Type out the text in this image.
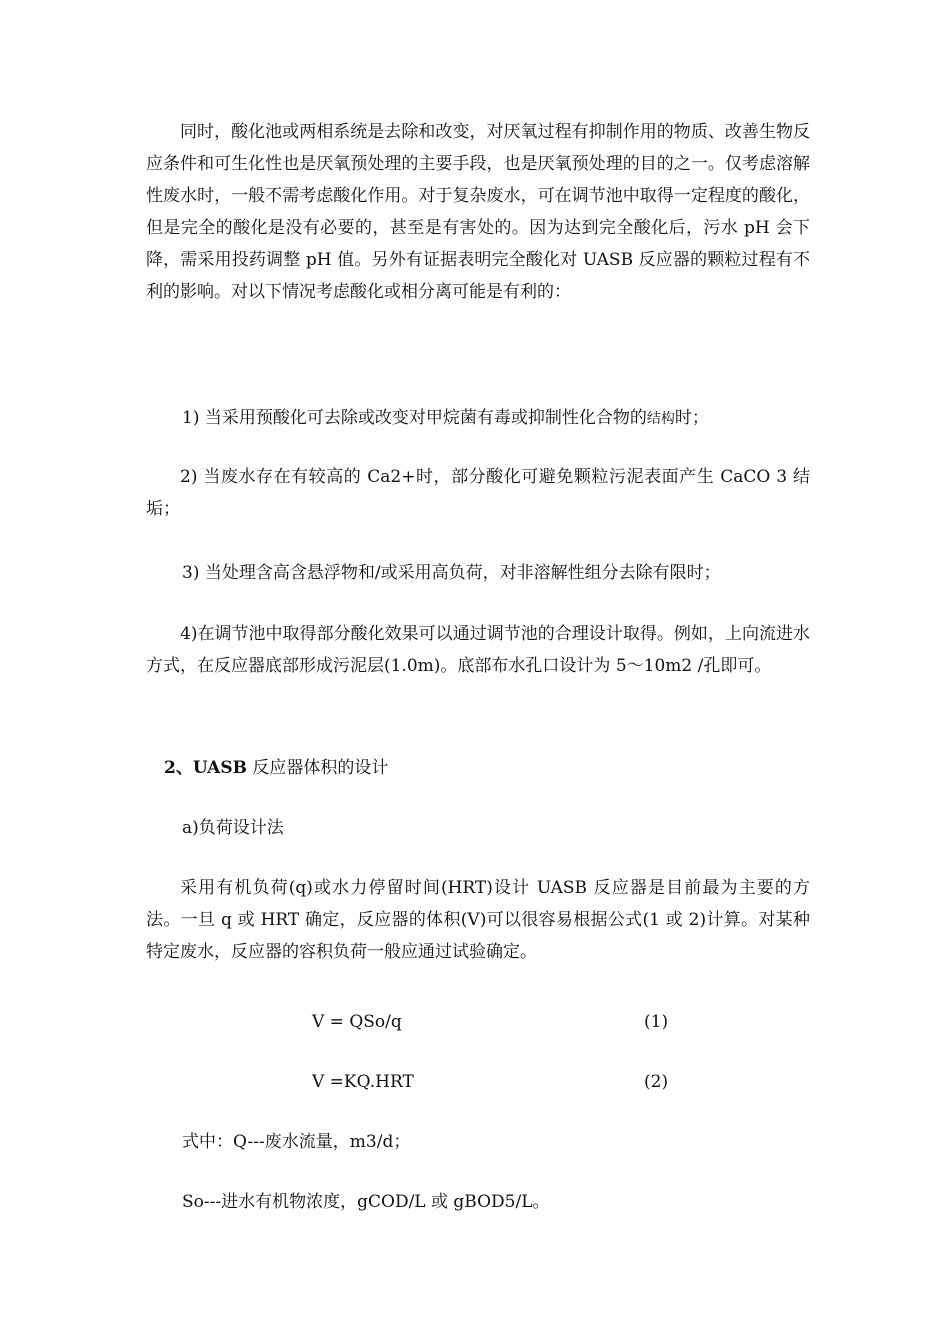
同时，酸化池或两相系统是去除和改变，对厌氧过程有抑制作用的物质、改善生物反应条件和可生化性也是厌氧预处理的主要手段，也是厌氧预处理的目的之一。仅考虑溶解性废水时，一般不需考虑酸化作用。对于复杂废水，可在调节池中取得一定程度的酸化，但是完全的酸化是没有必要的，甚至是有害处的。因为达到完全酸化后，污水 pH 会下降，需采用投药调整 pH 值。另外有证据表明完全酸化对 UASB 反应器的颗粒过程有不利的影响。对以下情况考虑酸化或相分离可能是有利的：

1) 当采用预酸化可去除或改变对甲烷菌有毒或抑制性化合物的结构时；

2) 当废水存在有较高的 Ca2+时，部分酸化可避免颗粒污泥表面产生 CaCO 3 结垢；

3) 当处理含高含悬浮物和/或采用高负荷，对非溶解性组分去除有限时；

4)在调节池中取得部分酸化效果可以通过调节池的合理设计取得。例如，上向流进水方式，在反应器底部形成污泥层(1.0m)。底部布水孔口设计为 5～10m2 /孔即可。

2、UASB 反应器体积的设计

a)负荷设计法

采用有机负荷(q)或水力停留时间(HRT)设计 UASB 反应器是目前最为主要的方法。一旦 q 或 HRT 确定，反应器的体积(V)可以很容易根据公式(1 或 2)计算。对某种特定废水，反应器的容积负荷一般应通过试验确定。

V = QSo/q	(1)
V =KQ.HRT	(2)

式中：Q---废水流量，m3/d；

So---进水有机物浓度，gCOD/L 或 gBOD5/L。
